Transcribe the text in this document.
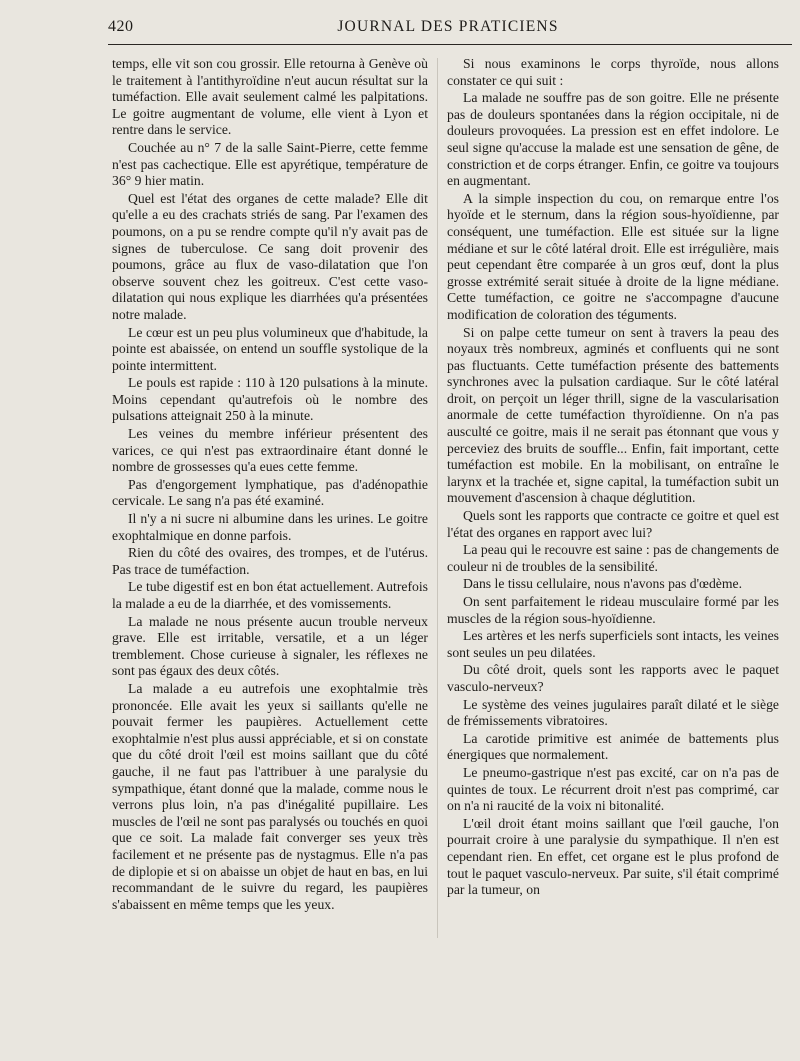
420	JOURNAL DES PRATICIENS

temps, elle vit son cou grossir. Elle retourna à Genève où le traitement à l'antithyroïdine n'eut aucun résultat sur la tuméfaction. Elle avait seulement calmé les palpitations. Le goitre augmentant de volume, elle vient à Lyon et rentre dans le service.

Couchée au n° 7 de la salle Saint-Pierre, cette femme n'est pas cachectique. Elle est apyrétique, température de 36° 9 hier matin.

Quel est l'état des organes de cette malade? Elle dit qu'elle a eu des crachats striés de sang. Par l'examen des poumons, on a pu se rendre compte qu'il n'y avait pas de signes de tuberculose. Ce sang doit provenir des poumons, grâce au flux de vaso-dilatation que l'on observe souvent chez les goitreux. C'est cette vaso-dilatation qui nous explique les diarrhées qu'a présentées notre malade.

Le cœur est un peu plus volumineux que d'habitude, la pointe est abaissée, on entend un souffle systolique de la pointe intermittent.

Le pouls est rapide : 110 à 120 pulsations à la minute. Moins cependant qu'autrefois où le nombre des pulsations atteignait 250 à la minute.

Les veines du membre inférieur présentent des varices, ce qui n'est pas extraordinaire étant donné le nombre de grossesses qu'a eues cette femme.

Pas d'engorgement lymphatique, pas d'adénopathie cervicale. Le sang n'a pas été examiné.

Il n'y a ni sucre ni albumine dans les urines. Le goitre exophtalmique en donne parfois.

Rien du côté des ovaires, des trompes, et de l'utérus. Pas trace de tuméfaction.

Le tube digestif est en bon état actuellement. Autrefois la malade a eu de la diarrhée, et des vomissements.

La malade ne nous présente aucun trouble nerveux grave. Elle est irritable, versatile, et a un léger tremblement. Chose curieuse à signaler, les réflexes ne sont pas égaux des deux côtés.

La malade a eu autrefois une exophtalmie très prononcée. Elle avait les yeux si saillants qu'elle ne pouvait fermer les paupières. Actuellement cette exophtalmie n'est plus aussi appréciable, et si on constate que du côté droit l'œil est moins saillant que du côté gauche, il ne faut pas l'attribuer à une paralysie du sympathique, étant donné que la malade, comme nous le verrons plus loin, n'a pas d'inégalité pupillaire. Les muscles de l'œil ne sont pas paralysés ou touchés en quoi que ce soit. La malade fait converger ses yeux très facilement et ne présente pas de nystagmus. Elle n'a pas de diplopie et si on abaisse un objet de haut en bas, en lui recommandant de le suivre du regard, les paupières s'abaissent en même temps que les yeux.

Si nous examinons le corps thyroïde, nous allons constater ce qui suit :

La malade ne souffre pas de son goitre. Elle ne présente pas de douleurs spontanées dans la région occipitale, ni de douleurs provoquées. La pression est en effet indolore. Le seul signe qu'accuse la malade est une sensation de gêne, de constriction et de corps étranger. Enfin, ce goitre va toujours en augmentant.

A la simple inspection du cou, on remarque entre l'os hyoïde et le sternum, dans la région sous-hyoïdienne, par conséquent, une tuméfaction. Elle est située sur la ligne médiane et sur le côté latéral droit. Elle est irrégulière, mais peut cependant être comparée à un gros œuf, dont la plus grosse extrémité serait située à droite de la ligne médiane. Cette tuméfaction, ce goitre ne s'accompagne d'aucune modification de coloration des téguments.

Si on palpe cette tumeur on sent à travers la peau des noyaux très nombreux, agminés et confluents qui ne sont pas fluctuants. Cette tuméfaction présente des battements synchrones avec la pulsation cardiaque. Sur le côté latéral droit, on perçoit un léger thrill, signe de la vascularisation anormale de cette tuméfaction thyroïdienne. On n'a pas ausculté ce goitre, mais il ne serait pas étonnant que vous y perceviez des bruits de souffle... Enfin, fait important, cette tuméfaction est mobile. En la mobilisant, on entraîne le larynx et la trachée et, signe capital, la tuméfaction subit un mouvement d'ascension à chaque déglutition.

Quels sont les rapports que contracte ce goitre et quel est l'état des organes en rapport avec lui?

La peau qui le recouvre est saine : pas de changements de couleur ni de troubles de la sensibilité.

Dans le tissu cellulaire, nous n'avons pas d'œdème.

On sent parfaitement le rideau musculaire formé par les muscles de la région sous-hyoïdienne.

Les artères et les nerfs superficiels sont intacts, les veines sont seules un peu dilatées.

Du côté droit, quels sont les rapports avec le paquet vasculo-nerveux?

Le système des veines jugulaires paraît dilaté et le siège de frémissements vibratoires.

La carotide primitive est animée de battements plus énergiques que normalement.

Le pneumo-gastrique n'est pas excité, car on n'a pas de quintes de toux. Le récurrent droit n'est pas comprimé, car on n'a ni raucité de la voix ni bitonalité.

L'œil droit étant moins saillant que l'œil gauche, l'on pourrait croire à une paralysie du sympathique. Il n'en est cependant rien. En effet, cet organe est le plus profond de tout le paquet vasculo-nerveux. Par suite, s'il était comprimé par la tumeur, on
